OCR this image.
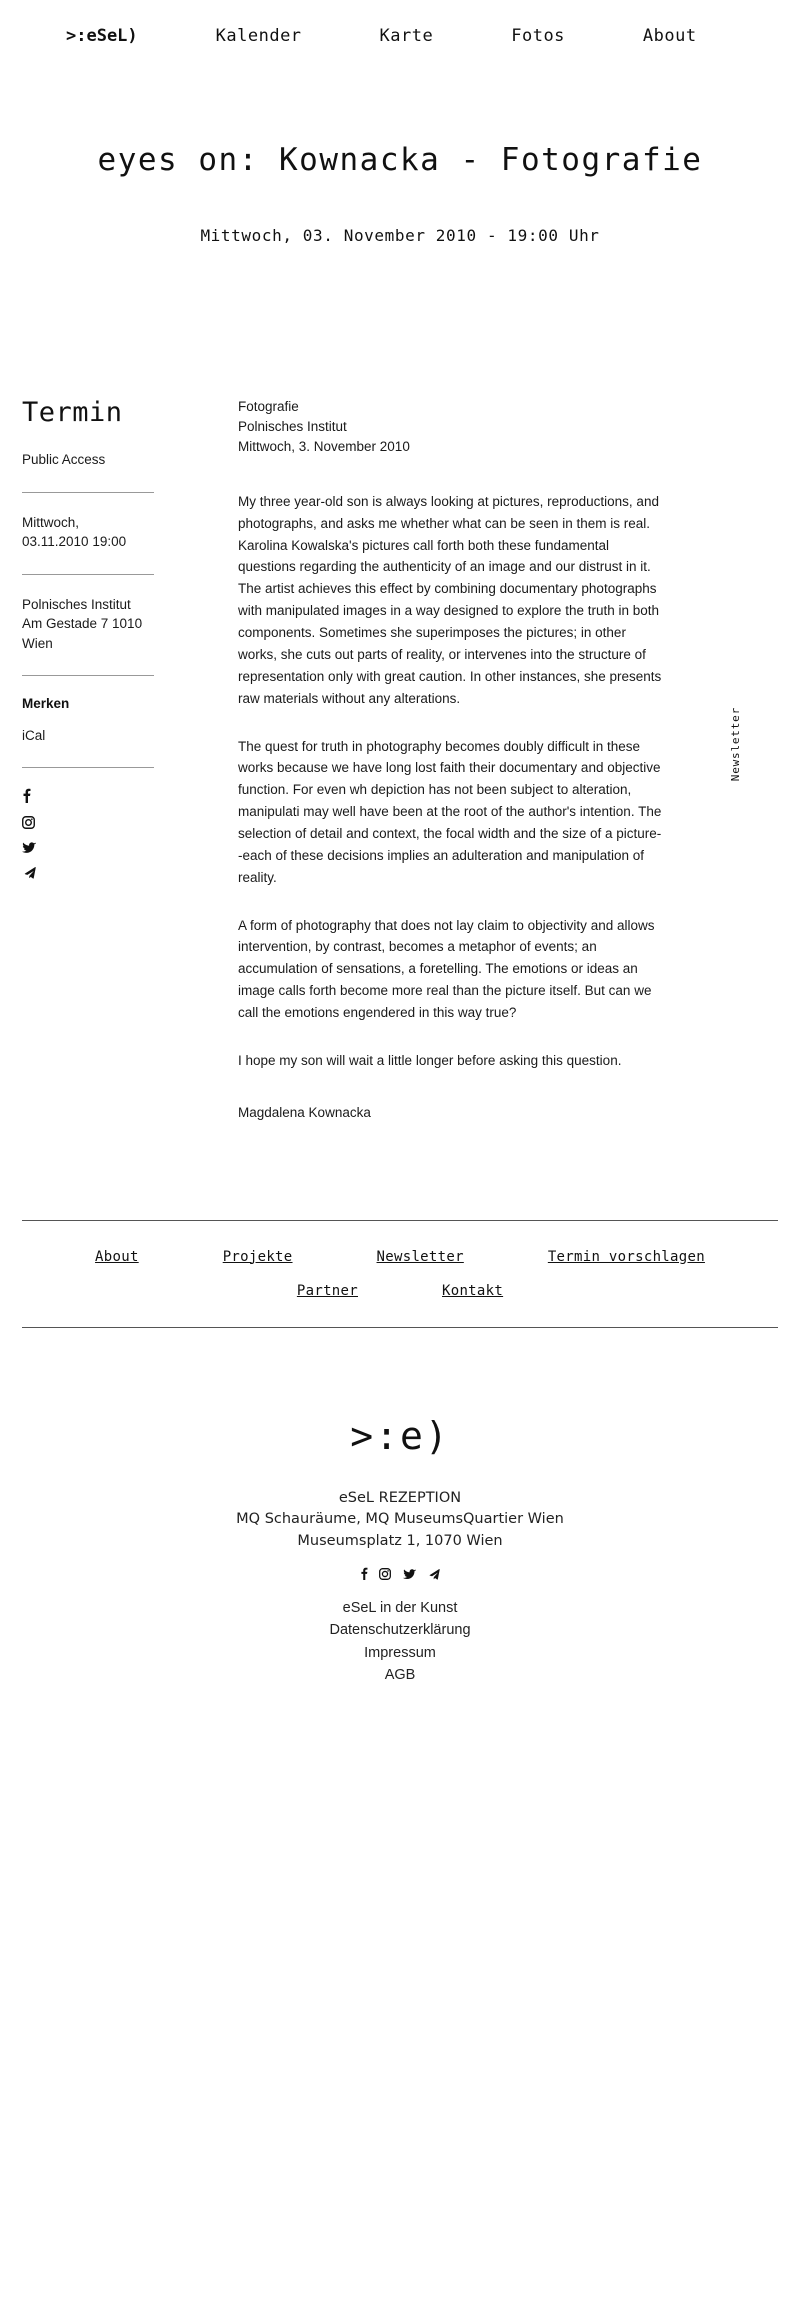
>:eSeL)	Kalender	Karte	Fotos	About
eyes on: Kownacka - Fotografie
Mittwoch, 03. November 2010 - 19:00 Uhr
Termin
Public Access
Mittwoch,
03.11.2010 19:00
Polnisches Institut
Am Gestade 7 1010
Wien
Merken
iCal
Fotografie
Polnisches Institut
Mittwoch, 3. November 2010

My three year-old son is always looking at pictures, reproductions, and photographs, and asks me whether what can be seen in them is real. Karolina Kowalska's pictures call forth both these fundamental questions regarding the authenticity of an image and our distrust in it. The artist achieves this effect by combining documentary photographs with manipulated images in a way designed to explore the truth in both components. Sometimes she superimposes the pictures; in other works, she cuts out parts of reality, or intervenes into the structure of representation only with great caution. In other instances, she presents raw materials without any alterations.

The quest for truth in photography becomes doubly difficult in these works because we have long lost faith their documentary and objective function. For even wh depiction has not been subject to alteration, manipulati may well have been at the root of the author's intention. The selection of detail and context, the focal width and the size of a picture--each of these decisions implies an adulteration and manipulation of reality.

A form of photography that does not lay claim to objectivity and allows intervention, by contrast, becomes a metaphor of events; an accumulation of sensations, a foretelling. The emotions or ideas an image calls forth become more real than the picture itself. But can we call the emotions engendered in this way true?

I hope my son will wait a little longer before asking this question.

Magdalena Kownacka

Newsletter
About	Projekte	Newsletter	Termin vorschlagen
Partner	Kontakt
>:e)
eSeL REZEPTION
MQ Schauräume, MQ MuseumsQuartier Wien
Museumsplatz 1, 1070 Wien

eSeL in der Kunst
Datenschutzerklärung
Impressum
AGB
